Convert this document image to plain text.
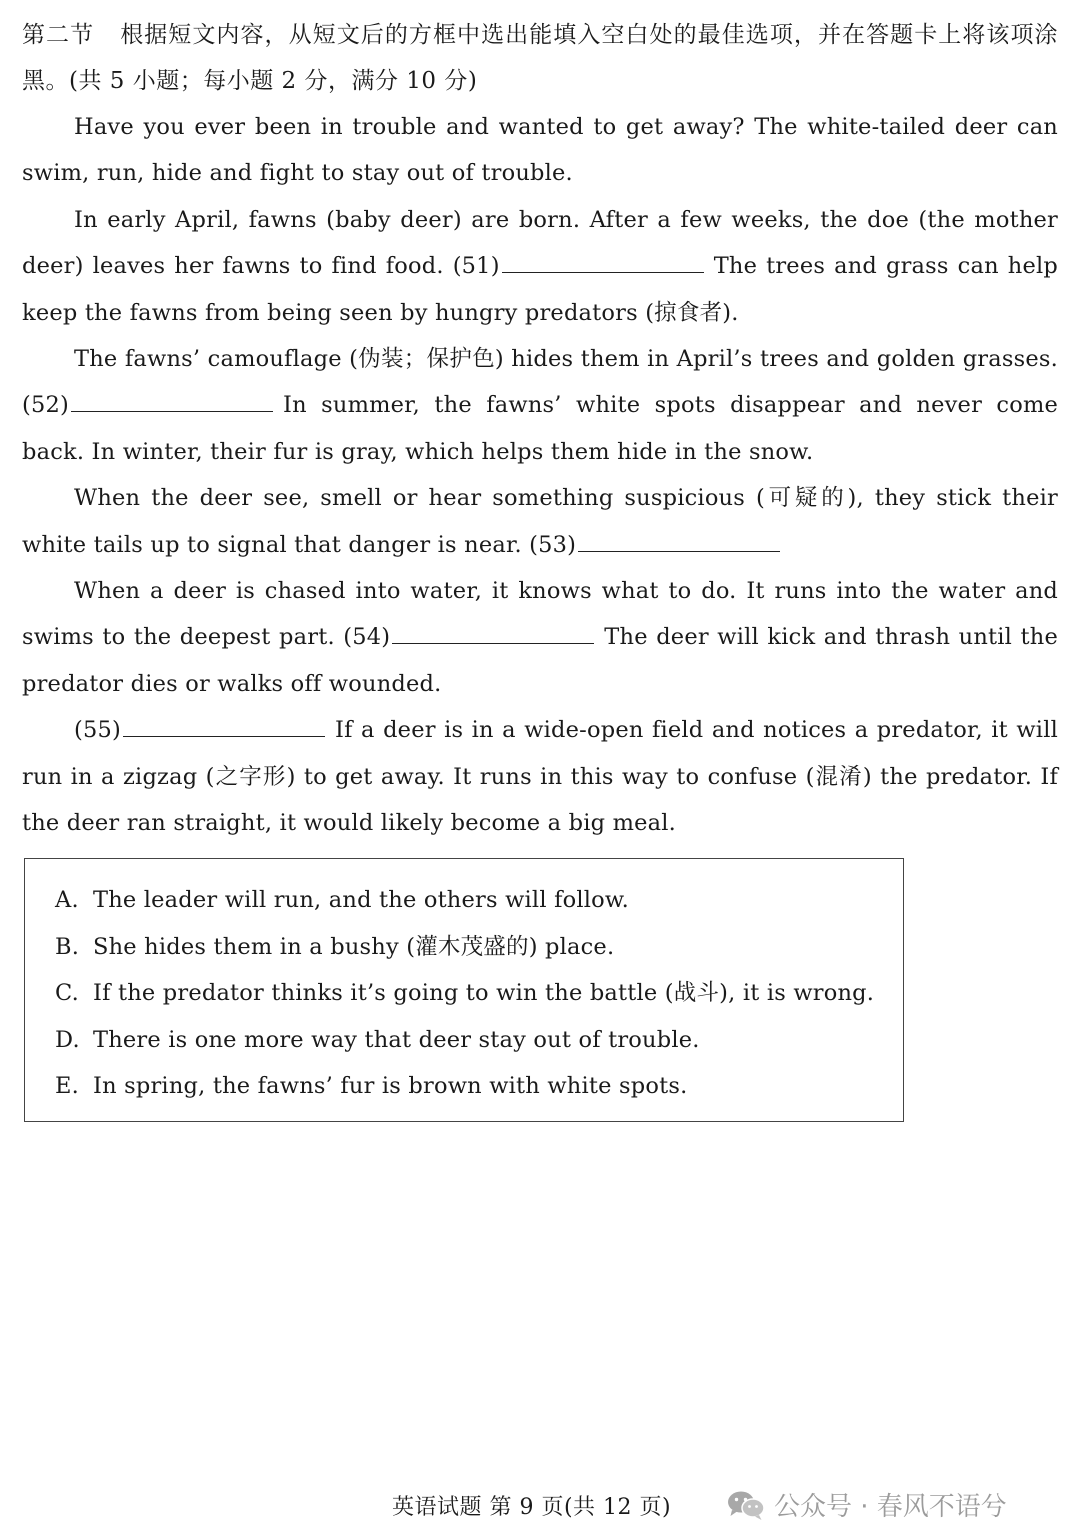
第二节 根据短文内容，从短文后的方框中选出能填入空白处的最佳选项，并在答题卡上将该项涂黑。(共 5 小题；每小题 2 分，满分 10 分)

Have you ever been in trouble and wanted to get away? The white-tailed deer can swim, run, hide and fight to stay out of trouble.

In early April, fawns (baby deer) are born. After a few weeks, the doe (the mother deer) leaves her fawns to find food. (51)	The trees and grass can help keep the fawns from being seen by hungry predators (掠食者).

The fawns’ camouflage (伪装；保护色) hides them in April’s trees and golden grasses. (52)	In summer, the fawns’ white spots disappear and never come back. In winter, their fur is gray, which helps them hide in the snow.

When the deer see, smell or hear something suspicious (可疑的), they stick their white tails up to signal that danger is near. (53)

When a deer is chased into water, it knows what to do. It runs into the water and swims to the deepest part. (54)	The deer will kick and thrash until the predator dies or walks off wounded.

(55)	If a deer is in a wide-open field and notices a predator, it will run in a zigzag (之字形) to get away. It runs in this way to confuse (混淆) the predator. If the deer ran straight, it would likely become a big meal.

A. The leader will run, and the others will follow.

B. She hides them in a bushy (灌木茂盛的) place.

C. If the predator thinks it’s going to win the battle (战斗), it is wrong.

D. There is one more way that deer stay out of trouble.

E. In spring, the fawns’ fur is brown with white spots.

英语试题 第 9 页(共 12 页)	公众号 · 春风不语兮
